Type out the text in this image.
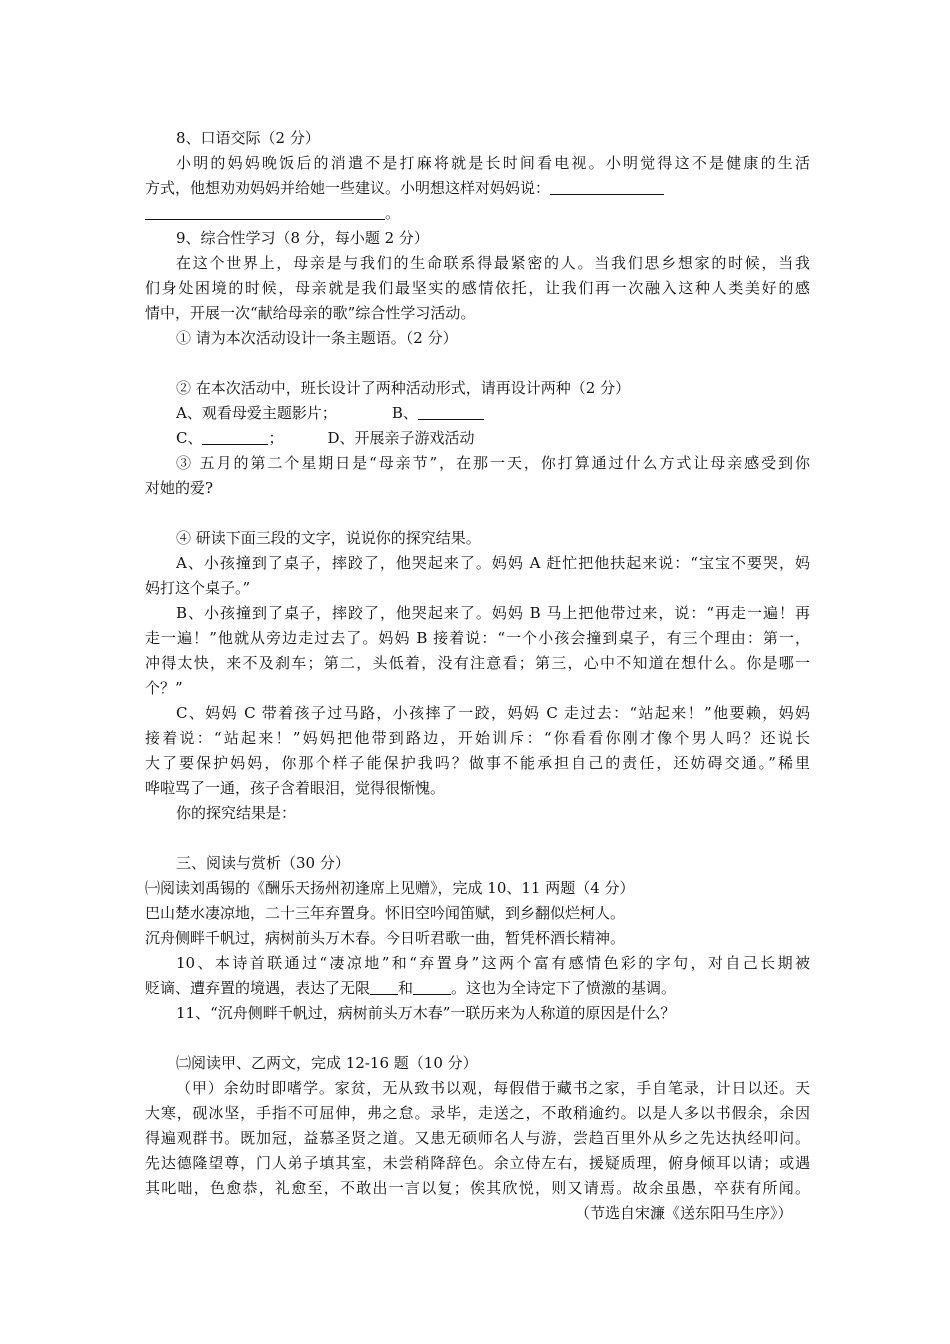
8、口语交际（2 分）
小明的妈妈晚饭后的消遣不是打麻将就是长时间看电视。小明觉得这不是健康的生活
方式，他想劝劝妈妈并给她一些建议。小明想这样对妈妈说：
。
9、综合性学习（8 分，每小题 2 分）
在这个世界上，母亲是与我们的生命联系得最紧密的人。当我们思乡想家的时候，当我
们身处困境的时候，母亲就是我们最坚实的感情依托，让我们再一次融入这种人类美好的感
情中，开展一次“献给母亲的歌”综合性学习活动。
① 请为本次活动设计一条主题语。（2 分）
② 在本次活动中，班长设计了两种活动形式，请再设计两种（2 分）
A、观看母爱主题影片；	B、
C、	；	D、开展亲子游戏活动
③ 五月的第二个星期日是“母亲节”，在那一天，你打算通过什么方式让母亲感受到你
对她的爱?
④ 研读下面三段的文字，说说你的探究结果。
A、小孩撞到了桌子，摔跤了，他哭起来了。妈妈 A 赶忙把他扶起来说：“宝宝不要哭，妈
妈打这个桌子。”
B、小孩撞到了桌子，摔跤了，他哭起来了。妈妈 B 马上把他带过来，说：“再走一遍！再
走一遍！”他就从旁边走过去了。妈妈 B 接着说：“一个小孩会撞到桌子，有三个理由：第一，
冲得太快，来不及刹车；第二，头低着，没有注意看；第三，心中不知道在想什么。你是哪一
个？”
C、妈妈 C 带着孩子过马路，小孩摔了一跤，妈妈 C 走过去：“站起来！”他要赖，妈妈
接着说：“站起来！”妈妈把他带到路边，开始训斥：“你看看你刚才像个男人吗？还说长
大了要保护妈妈，你那个样子能保护我吗？做事不能承担自己的责任，还妨碍交通。”稀里
哗啦骂了一通，孩子含着眼泪，觉得很惭愧。
你的探究结果是：
三、阅读与赏析（30 分）
㈠阅读刘禹锡的《酬乐天扬州初逢席上见赠》，完成 10、11 两题（4 分）
巴山楚水凄凉地，二十三年弃置身。怀旧空吟闻笛赋，到乡翻似烂柯人。
沉舟侧畔千帆过，病树前头万木春。今日听君歌一曲，暂凭杯酒长精神。
10、本诗首联通过“凄凉地”和“弃置身”这两个富有感情色彩的字句，对自己长期被
贬谪、遭弃置的境遇，表达了无限 和	。这也为全诗定下了愤激的基调。
11、“沉舟侧畔千帆过，病树前头万木春”一联历来为人称道的原因是什么？
㈡阅读甲、乙两文，完成 12-16 题（10 分）
（甲）余幼时即嗜学。家贫，无从致书以观，每假借于藏书之家，手自笔录，计日以还。天
大寒，砚冰坚，手指不可屈伸，弗之怠。录毕，走送之，不敢稍逾约。以是人多以书假余，余因
得遍观群书。既加冠，益慕圣贤之道。又患无硕师名人与游，尝趋百里外从乡之先达执经叩问。
先达德隆望尊，门人弟子填其室，未尝稍降辞色。余立侍左右，援疑质理，俯身倾耳以请；或遇
其叱咄，色愈恭，礼愈至，不敢出一言以复；俟其欣悦，则又请焉。故余虽愚，卒获有所闻。
（节选自宋濂《送东阳马生序》）
